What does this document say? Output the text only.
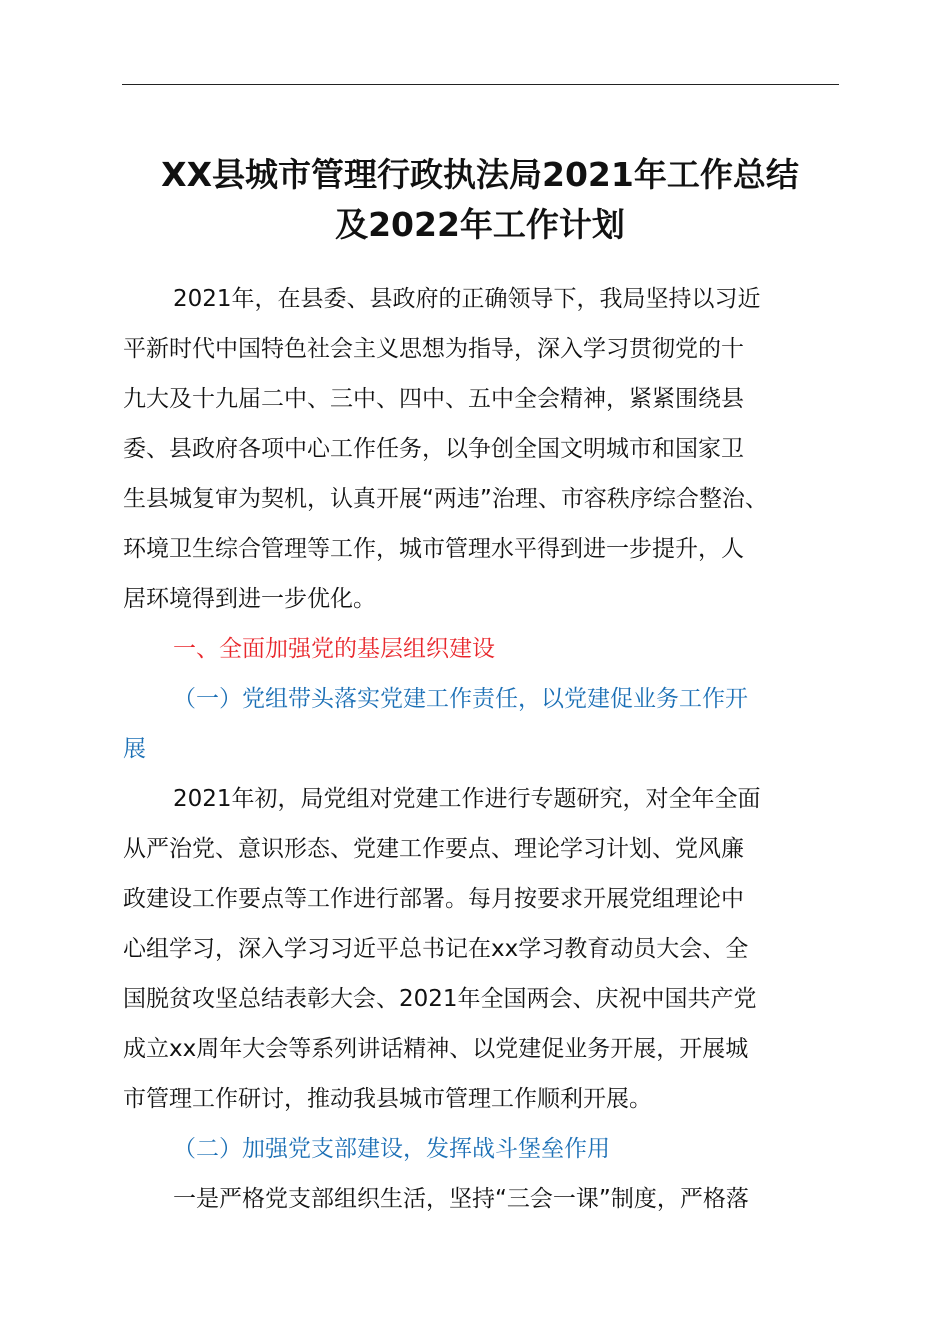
XX县城市管理行政执法局2021年工作总结
及2022年工作计划

2021年，在县委、县政府的正确领导下，我局坚持以习近

平新时代中国特色社会主义思想为指导，深入学习贯彻党的十

九大及十九届二中、三中、四中、五中全会精神，紧紧围绕县

委、县政府各项中心工作任务，以争创全国文明城市和国家卫

生县城复审为契机，认真开展“两违”治理、市容秩序综合整治、

环境卫生综合管理等工作，城市管理水平得到进一步提升，人

居环境得到进一步优化。

一、全面加强党的基层组织建设

（一）党组带头落实党建工作责任，以党建促业务工作开

展

2021年初，局党组对党建工作进行专题研究，对全年全面

从严治党、意识形态、党建工作要点、理论学习计划、党风廉

政建设工作要点等工作进行部署。每月按要求开展党组理论中

心组学习，深入学习习近平总书记在xx学习教育动员大会、全

国脱贫攻坚总结表彰大会、2021年全国两会、庆祝中国共产党

成立xx周年大会等系列讲话精神、以党建促业务开展，开展城

市管理工作研讨，推动我县城市管理工作顺利开展。

（二）加强党支部建设，发挥战斗堡垒作用

一是严格党支部组织生活，坚持“三会一课”制度，严格落
